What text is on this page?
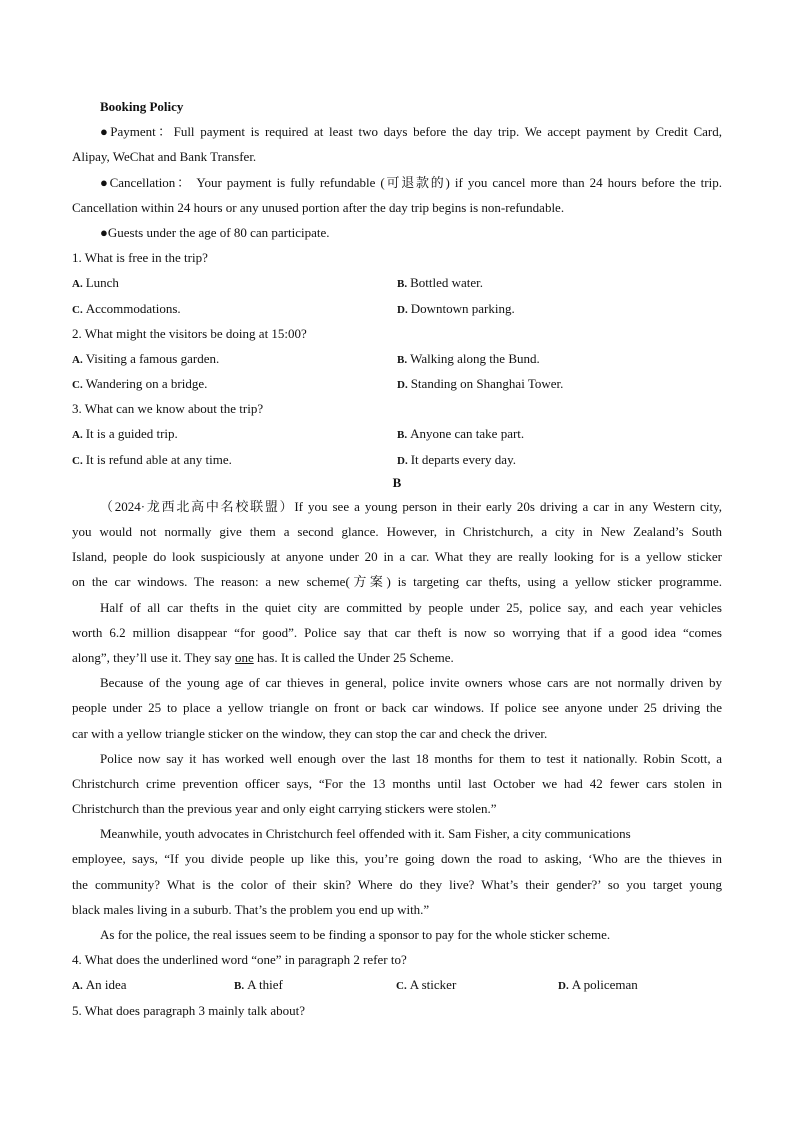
Booking Policy
●Payment：Full payment is required at least two days before the day trip. We accept payment by Credit Card,
Alipay, WeChat and Bank Transfer.
●Cancellation： Your payment is fully refundable (可退款的) if you cancel more than 24 hours before the trip.
Cancellation within 24 hours or any unused portion after the day trip begins is non-refundable.
●Guests under the age of 80 can participate.
1. What is free in the trip?
A. Lunch	B. Bottled water.
C. Accommodations.	D. Downtown parking.
2. What might the visitors be doing at 15:00?
A. Visiting a famous garden.	B. Walking along the Bund.
C. Wandering on a bridge.	D. Standing on Shanghai Tower.
3. What can we know about the trip?
A. It is a guided trip.	B. Anyone can take part.
C. It is refund able at any time.	D. It departs every day.
B
（2024·龙西北高中名校联盟）If you see a young person in their early 20s driving a car in any Western city,
you would not normally give them a second glance. However, in Christchurch, a city in New Zealand’s South
Island, people do look suspiciously at anyone under 20 in a car. What they are really looking for is a yellow sticker
on the car windows. The reason: a new scheme(方案) is targeting car thefts, using a yellow sticker programme.
Half of all car thefts in the quiet city are committed by people under 25, police say, and each year vehicles
worth 6.2 million disappear “for good”. Police say that car theft is now so worrying that if a good idea “comes
along”, they’ll use it. They say one has. It is called the Under 25 Scheme.
Because of the young age of car thieves in general, police invite owners whose cars are not normally driven by
people under 25 to place a yellow triangle on front or back car windows. If police see anyone under 25 driving the
car with a yellow triangle sticker on the window, they can stop the car and check the driver.
Police now say it has worked well enough over the last 18 months for them to test it nationally. Robin Scott, a
Christchurch crime prevention officer says, “For the 13 months until last October we had 42 fewer cars stolen in
Christchurch than the previous year and only eight carrying stickers were stolen.”
Meanwhile, youth advocates in Christchurch feel offended with it. Sam Fisher, a city communications
employee, says, “If you divide people up like this, you’re going down the road to asking, ‘Who are the thieves in
the community? What is the color of their skin? Where do they live? What’s their gender?’ so you target young
black males living in a suburb. That’s the problem you end up with.”
As for the police, the real issues seem to be finding a sponsor to pay for the whole sticker scheme.
4. What does the underlined word “one” in paragraph 2 refer to?
A. An idea	B. A thief	C. A sticker	D. A policeman
5. What does paragraph 3 mainly talk about?
